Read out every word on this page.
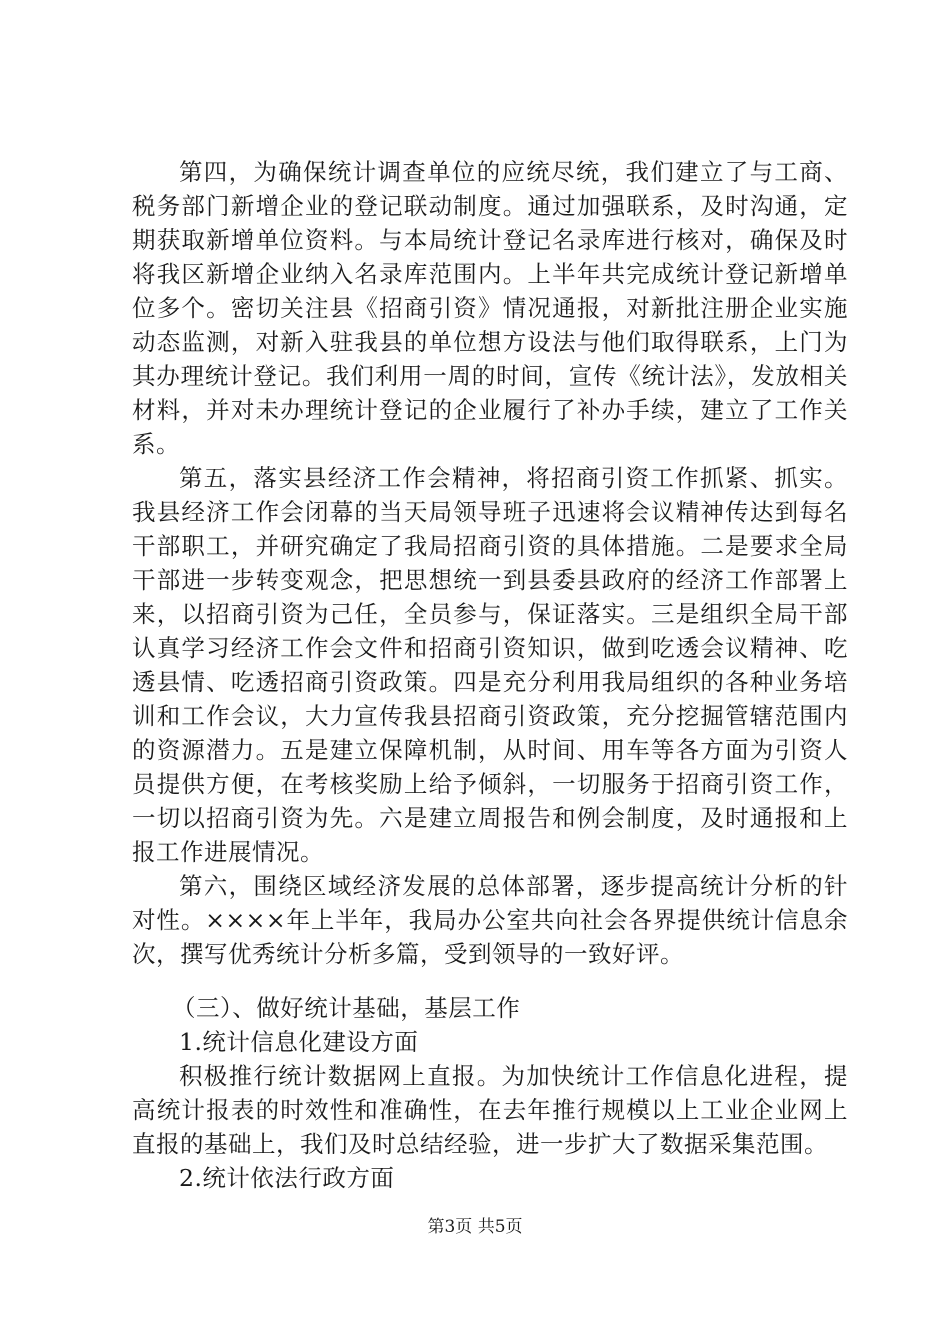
第四，为确保统计调查单位的应统尽统，我们建立了与工商、税务部门新增企业的登记联动制度。通过加强联系，及时沟通，定期获取新增单位资料。与本局统计登记名录库进行核对，确保及时将我区新增企业纳入名录库范围内。上半年共完成统计登记新增单位多个。密切关注县《招商引资》情况通报，对新批注册企业实施动态监测，对新入驻我县的单位想方设法与他们取得联系，上门为其办理统计登记。我们利用一周的时间，宣传《统计法》，发放相关材料，并对未办理统计登记的企业履行了补办手续，建立了工作关系。

第五，落实县经济工作会精神，将招商引资工作抓紧、抓实。我县经济工作会闭幕的当天局领导班子迅速将会议精神传达到每名干部职工，并研究确定了我局招商引资的具体措施。二是要求全局干部进一步转变观念，把思想统一到县委县政府的经济工作部署上来，以招商引资为己任，全员参与，保证落实。三是组织全局干部认真学习经济工作会文件和招商引资知识，做到吃透会议精神、吃透县情、吃透招商引资政策。四是充分利用我局组织的各种业务培训和工作会议，大力宣传我县招商引资政策，充分挖掘管辖范围内的资源潜力。五是建立保障机制，从时间、用车等各方面为引资人员提供方便，在考核奖励上给予倾斜，一切服务于招商引资工作，一切以招商引资为先。六是建立周报告和例会制度，及时通报和上报工作进展情况。

第六，围绕区域经济发展的总体部署，逐步提高统计分析的针对性。××××年上半年，我局办公室共向社会各界提供统计信息余次，撰写优秀统计分析多篇，受到领导的一致好评。

（三）、做好统计基础，基层工作

1.统计信息化建设方面

积极推行统计数据网上直报。为加快统计工作信息化进程，提高统计报表的时效性和准确性，在去年推行规模以上工业企业网上直报的基础上，我们及时总结经验，进一步扩大了数据采集范围。

2.统计依法行政方面

第3页 共5页
